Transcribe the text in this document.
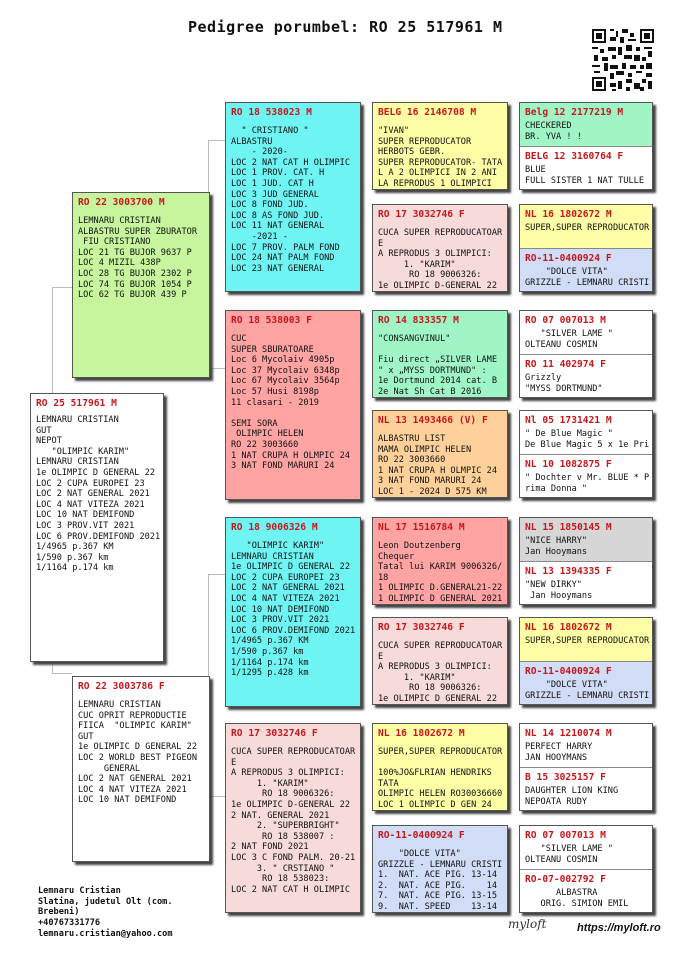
Pedigree porumbel: RO 25 517961 M
RO 25 517961 M
LEMNARU CRISTIAN
GUT
NEPOT
"OLIMPIC KARIM"
LEMNARU CRISTIAN
1e OLIMPIC D GENERAL 22
LOC 2 CUPA EUROPEI 23
LOC 2 NAT GENERAL 2021
LOC 4 NAT VITEZA 2021
LOC 10 NAT DEMIFOND
LOC 3 PROV.VIT 2021
LOC 6 PROV.DEMIFOND 2021
1/4965 p.367 KM
1/590 p.367 km
1/1164 p.174 km
RO 22 3003700 M
LEMNARU CRISTIAN
ALBASTRU SUPER ZBURATOR
FIU CRISTIANO
LOC 21 TG BUJOR 9637 P
LOC 4 MIZIL 438P
LOC 28 TG BUJOR 2302 P
LOC 74 TG BUJOR 1054 P
LOC 62 TG BUJOR 439 P
RO 22 3003786 F
LEMNARU CRISTIAN
CUC OPRIT REPRODUCTIE
FIICA  "OLIMPIC KARIM"
GUT
1e OLIMPIC D GENERAL 22
LOC 2 WORLD BEST PIGEON
GENERAL
LOC 2 NAT GENERAL 2021
LOC 4 NAT VITEZA 2021
LOC 10 NAT DEMIFOND
RO 18 538023 M
" CRISTIANO "
ALBASTRU
- 2020-
LOC 2 NAT CAT H OLIMPIC
LOC 1 PROV. CAT. H
LOC 1 JUD. CAT H
LOC 3 JUD GENERAL
LOC 8 FOND JUD.
LOC 8 AS FOND JUD.
LOC 11 NAT GENERAL
-2021 -
LOC 7 PROV. PALM FOND
LOC 24 NAT PALM FOND
LOC 23 NAT GENERAL
RO 18 538003 F
CUC
SUPER SBURATOARE
Loc 6 Mycolaiv 4905p
Loc 37 Mycolaiv 6348p
Loc 67 Mycolaiv 3564p
Loc 57 Husi 8198p
11 clasari - 2019

SEMI SORA
OLIMPIC HELEN
RO 22 3003660
1 NAT CRUPA H OLMPIC 24
3 NAT FOND MARURI 24
RO 18 9006326 M
"OLIMPIC KARIM"
LEMNARU CRISTIAN
1e OLIMPIC D GENERAL 22
LOC 2 CUPA EUROPEI 23
LOC 2 NAT GENERAL 2021
LOC 4 NAT VITEZA 2021
LOC 10 NAT DEMIFOND
LOC 3 PROV.VIT 2021
LOC 6 PROV.DEMIFOND 2021
1/4965 p.367 KM
1/590 p.367 km
1/1164 p.174 km
1/1295 p.428 km
RO 17 3032746 F
CUCA SUPER REPRODUCATOAR
E
A REPRODUS 3 OLIMPICI:
1. "KARIM"
RO 18 9006326:
1e OLIMPIC D-GENERAL 22
2 NAT. GENERAL 2021
2. "SUPERBRIGHT"
RO 18 538007 :
2 NAT FOND 2021
LOC 3 C FOND PALM. 20-21
3. " CRSTIANO "
RO 18 538023:
LOC 2 NAT CAT H OLIMPIC
BELG 16 2146708 M
"IVAN"
SUPER REPRODUCATOR
HERBOTS GEBR.
SUPER REPRODUCATOR- TATA
L A 2 OLIMPICI IN 2 ANI
LA REPRODUS 1 OLIMPICI
RO 17 3032746 F
CUCA SUPER REPRODUCATOAR
E
A REPRODUS 3 OLIMPICI:
1. "KARIM"
RO 18 9006326:
1e OLIMPIC D-GENERAL 22
RO 14 833357 M
"CONSANGVINUL"

Fiu direct „SILVER LAME
" x „MYSS DORTMUND" :
1e Dortmund 2014 cat. B
2e Nat Sh Cat B 2016
NL 13 1493466 (V) F
ALBASTRU LIST
MAMA OLIMPIC HELEN
RO 22 3003660
1 NAT CRUPA H OLMPIC 24
3 NAT FOND MARURI 24
LOC 1 - 2024 D 575 KM
NL 17 1516784 M
Leon Doutzenberg
Chequer
Tatal lui KARIM 9006326/
18
1 OLIMPIC D.GENERAL21-22
1 OLIMPIC D GENERAL 2021
RO 17 3032746 F
CUCA SUPER REPRODUCATOAR
E
A REPRODUS 3 OLIMPICI:
1. "KARIM"
RO 18 9006326:
1e OLIMPIC D GENERAL 22
NL 16 1802672 M
SUPER,SUPER REPRODUCATOR

100%JO&FLRIAN HENDRIKS
TATA
OLIMPIC HELEN RO30036660
LOC 1 OLIMPIC D GEN 24
RO-11-0400924 F
"DOLCE VITA"
GRIZZLE - LEMNARU CRISTI
1.  NAT. ACE PIG. 13-14
2.  NAT. ACE PIG.    14
7.  NAT. ACE PIG. 13-15
9.  NAT. SPEED    13-14
Belg 12 2177219 M
CHECKERED
BR. YVA ! !
BELG 12 3160764 F
BLUE
FULL SISTER 1 NAT TULLE
NL 16 1802672 M
SUPER,SUPER REPRODUCATOR
RO-11-0400924 F
"DOLCE VITA"
GRIZZLE - LEMNARU CRISTI
RO 07 007013 M
"SILVER LAME "
OLTEANU COSMIN
RO 11 402974 F
Grizzly
"MYSS DORTMUND"
Nl 05 1731421 M
" De Blue Magic "
De Blue Magic 5 x 1e Pri
NL 10 1082875 F
" Dochter v Mr. BLUE * P
rima Donna "
NL 15 1850145 M
"NICE HARRY"
Jan Hooymans
NL 13 1394335 F
"NEW DIRKY"
Jan Hooymans
NL 16 1802672 M
SUPER,SUPER REPRODUCATOR
RO-11-0400924 F
"DOLCE VITA"
GRIZZLE - LEMNARU CRISTI
NL 14 1210074 M
PERFECT HARRY
JAN HOOYMANS
B 15 3025157 F
DAUGHTER LION KING
NEPOATA RUDY
RO 07 007013 M
"SILVER LAME "
OLTEANU COSMIN
RO-07-002792 F
ALBASTRA
ORIG. SIMION EMIL
Lemnaru Cristian
Slatina, judetul Olt (com.
Brebeni)
+40767331776
lemnaru.cristian@yahoo.com
myloft	https://myloft.ro
